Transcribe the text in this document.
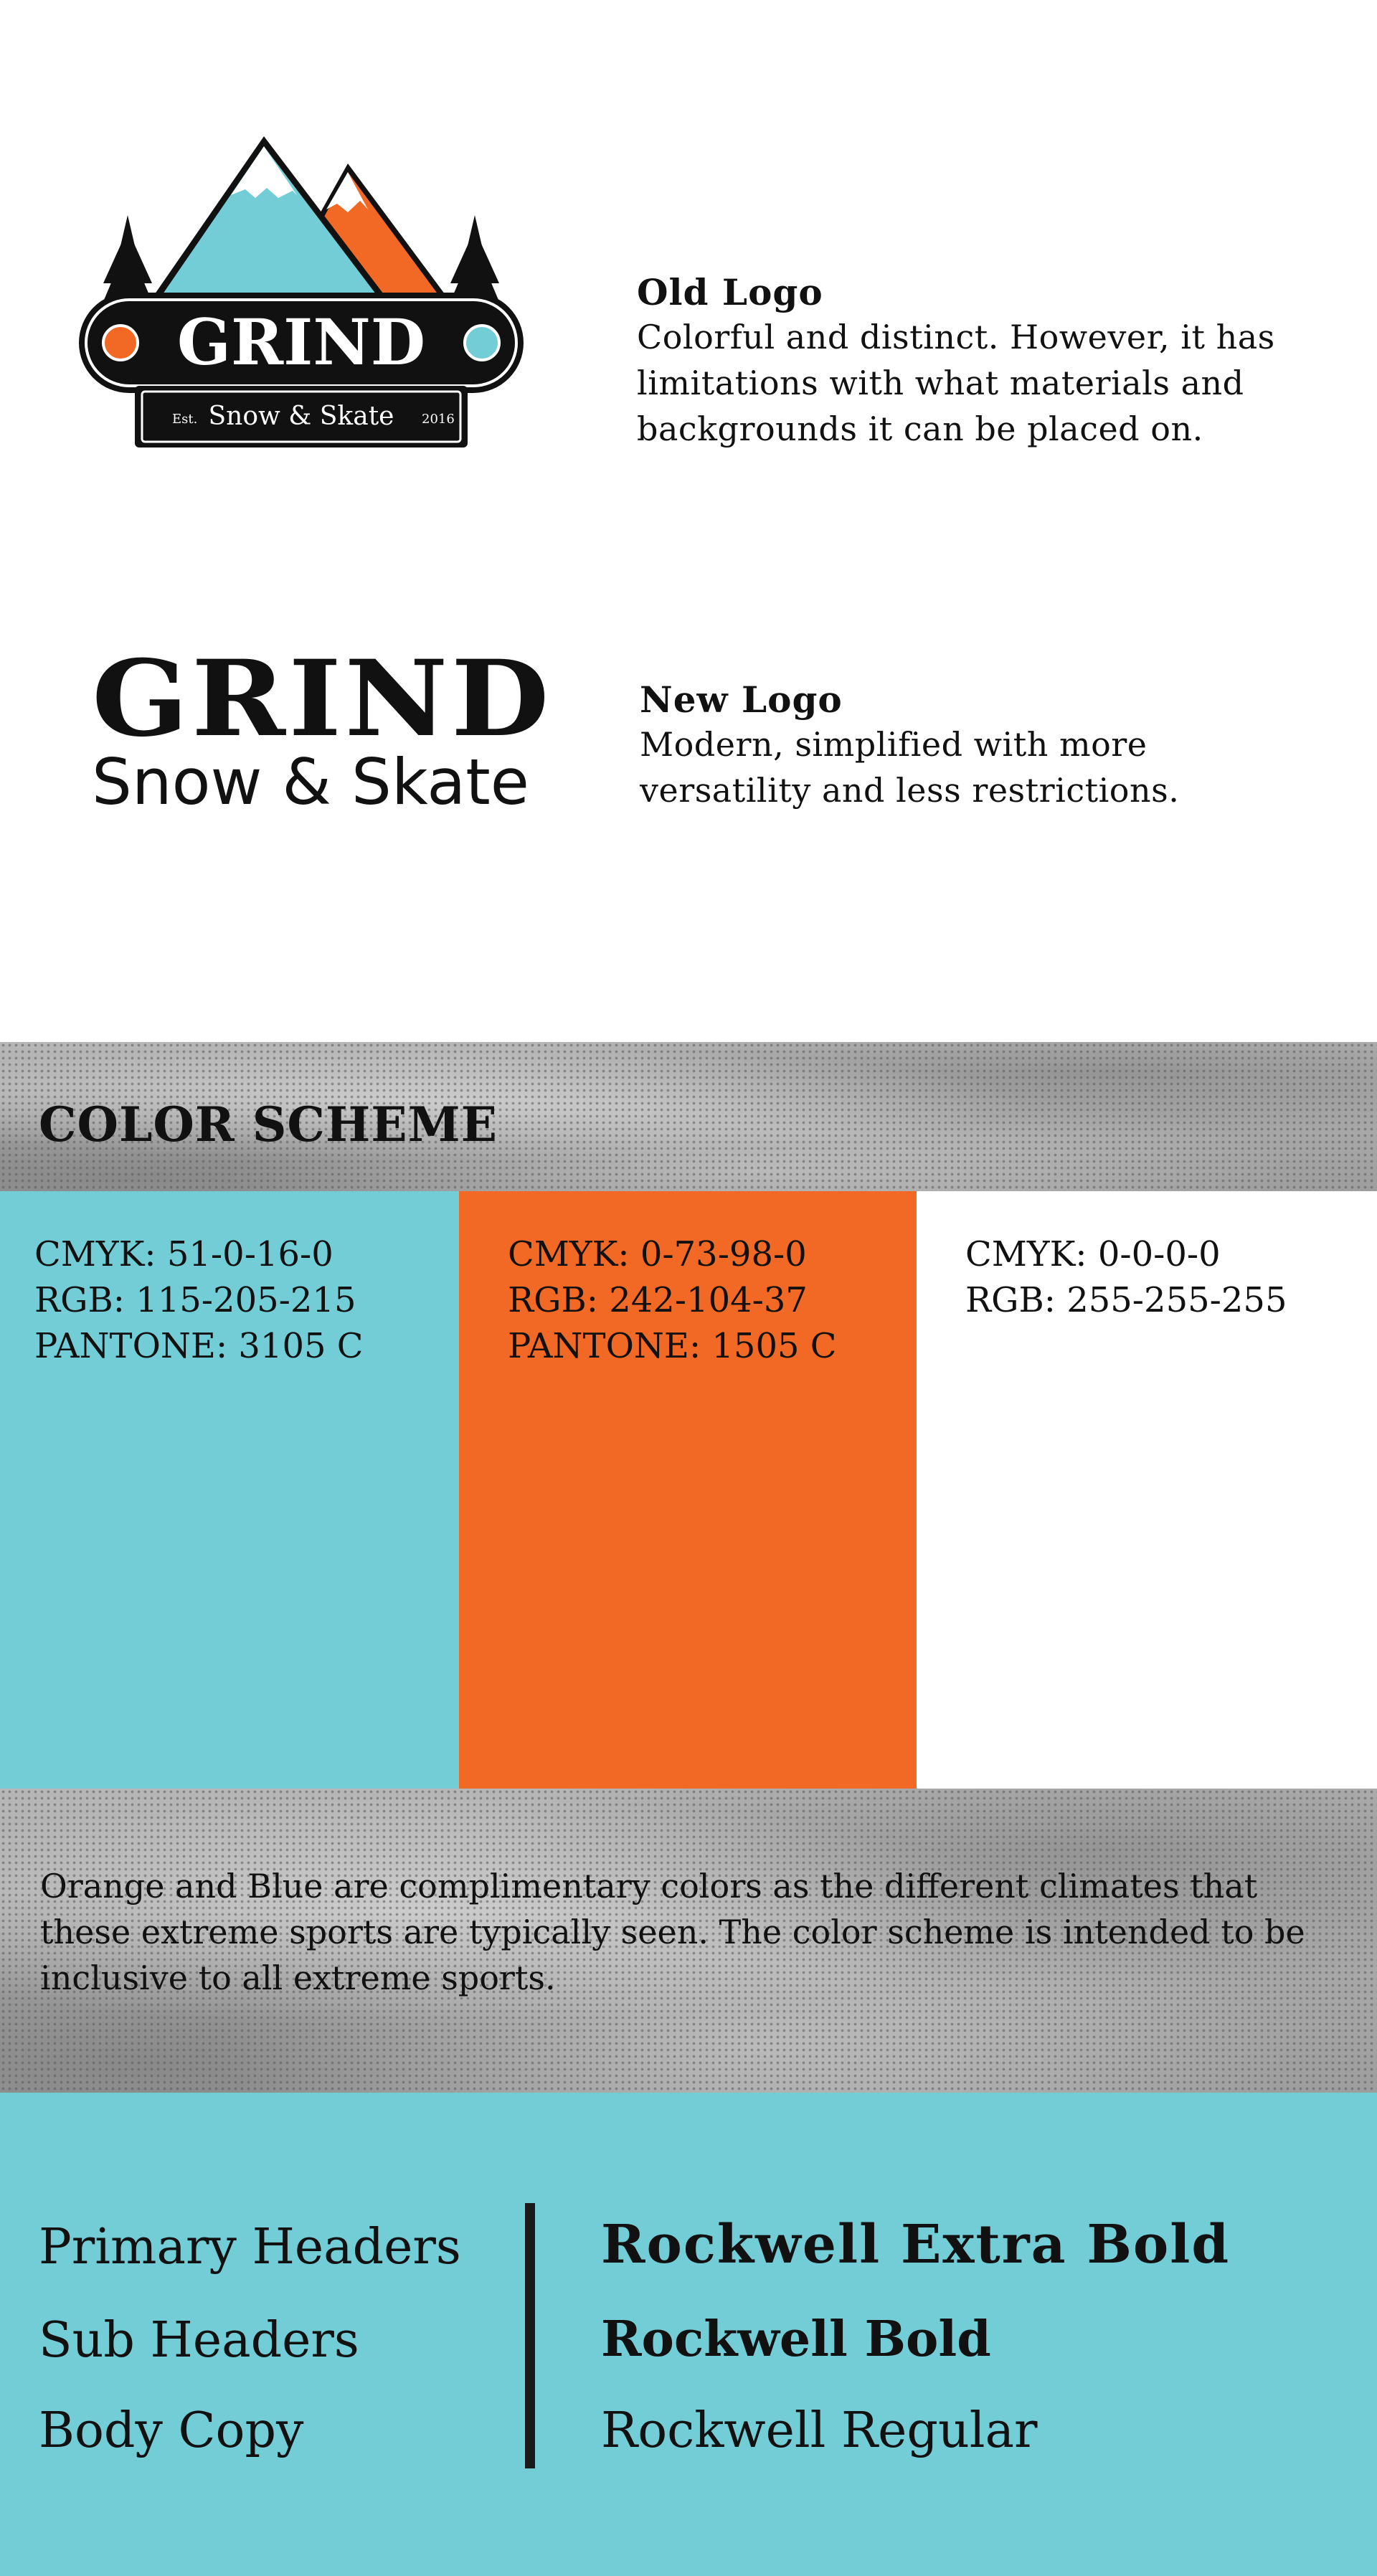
GRIND
Est. Snow & Skate 2016
Old Logo
Colorful and distinct. However, it has limitations with what materials and backgrounds it can be placed on.
GRIND
Snow & Skate
New Logo
Modern, simplified with more versatility and less restrictions.
COLOR SCHEME
CMYK: 51-0-16-0
RGB: 115-205-215
PANTONE: 3105 C
CMYK: 0-73-98-0
RGB: 242-104-37
PANTONE: 1505 C
CMYK: 0-0-0-0
RGB: 255-255-255
Orange and Blue are complimentary colors as the different climates that these extreme sports are typically seen. The color scheme is intended to be inclusive to all extreme sports.
Primary Headers
Sub Headers
Body Copy
Rockwell Extra Bold
Rockwell Bold
Rockwell Regular
